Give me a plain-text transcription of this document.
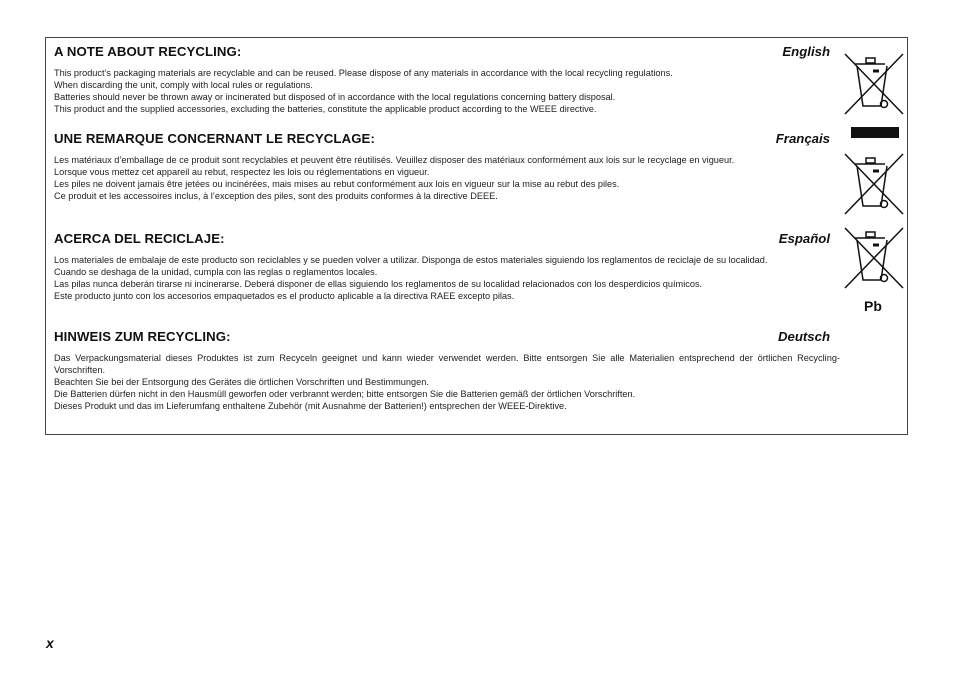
A NOTE ABOUT RECYCLING:	English

This product’s packaging materials are recyclable and can be reused. Please dispose of any materials in accordance with the local recycling regulations.

When discarding the unit, comply with local rules or regulations.

Batteries should never be thrown away or incinerated but disposed of in accordance with the local regulations concerning battery disposal.

This product and the supplied accessories, excluding the batteries, constitute the applicable product according to the WEEE directive.

UNE REMARQUE CONCERNANT LE RECYCLAGE:	Français

Les matériaux d’emballage de ce produit sont recyclables et peuvent être réutilisés. Veuillez disposer des matériaux conformément aux lois sur le recyclage en vigueur.

Lorsque vous mettez cet appareil au rebut, respectez les lois ou réglementations en vigueur.

Les piles ne doivent jamais être jetées ou incinérées, mais mises au rebut conformément aux lois en vigueur sur la mise au rebut des piles.

Ce produit et les accessoires inclus, à l’exception des piles, sont des produits conformes à la directive DEEE.

ACERCA DEL RECICLAJE:	Español

Los materiales de embalaje de este producto son reciclables y se pueden volver a utilizar. Disponga de estos materiales siguiendo los reglamentos de reciclaje de su localidad.

Cuando se deshaga de la unidad, cumpla con las reglas o reglamentos locales.

Las pilas nunca deberán tirarse ni incinerarse. Deberá disponer de ellas siguiendo los reglamentos de su localidad relacionados con los desperdicios químicos.

Este producto junto con los accesorios empaquetados es el producto aplicable a la directiva RAEE excepto pilas.

HINWEIS ZUM RECYCLING:	Deutsch

Das Verpackungsmaterial dieses Produktes ist zum Recyceln geeignet und kann wieder verwendet werden. Bitte entsorgen Sie alle Materialien entsprechend der örtlichen Recycling-Vorschriften.

Beachten Sie bei der Entsorgung des Gerätes die örtlichen Vorschriften und Bestimmungen.

Die Batterien dürfen nicht in den Hausmüll geworfen oder verbrannt werden; bitte entsorgen Sie die Batterien gemäß der örtlichen Vorschriften.

Dieses Produkt und das im Lieferumfang enthaltene Zubehör (mit Ausnahme der Batterien!) entsprechen der WEEE-Direktive.

Pb
x
